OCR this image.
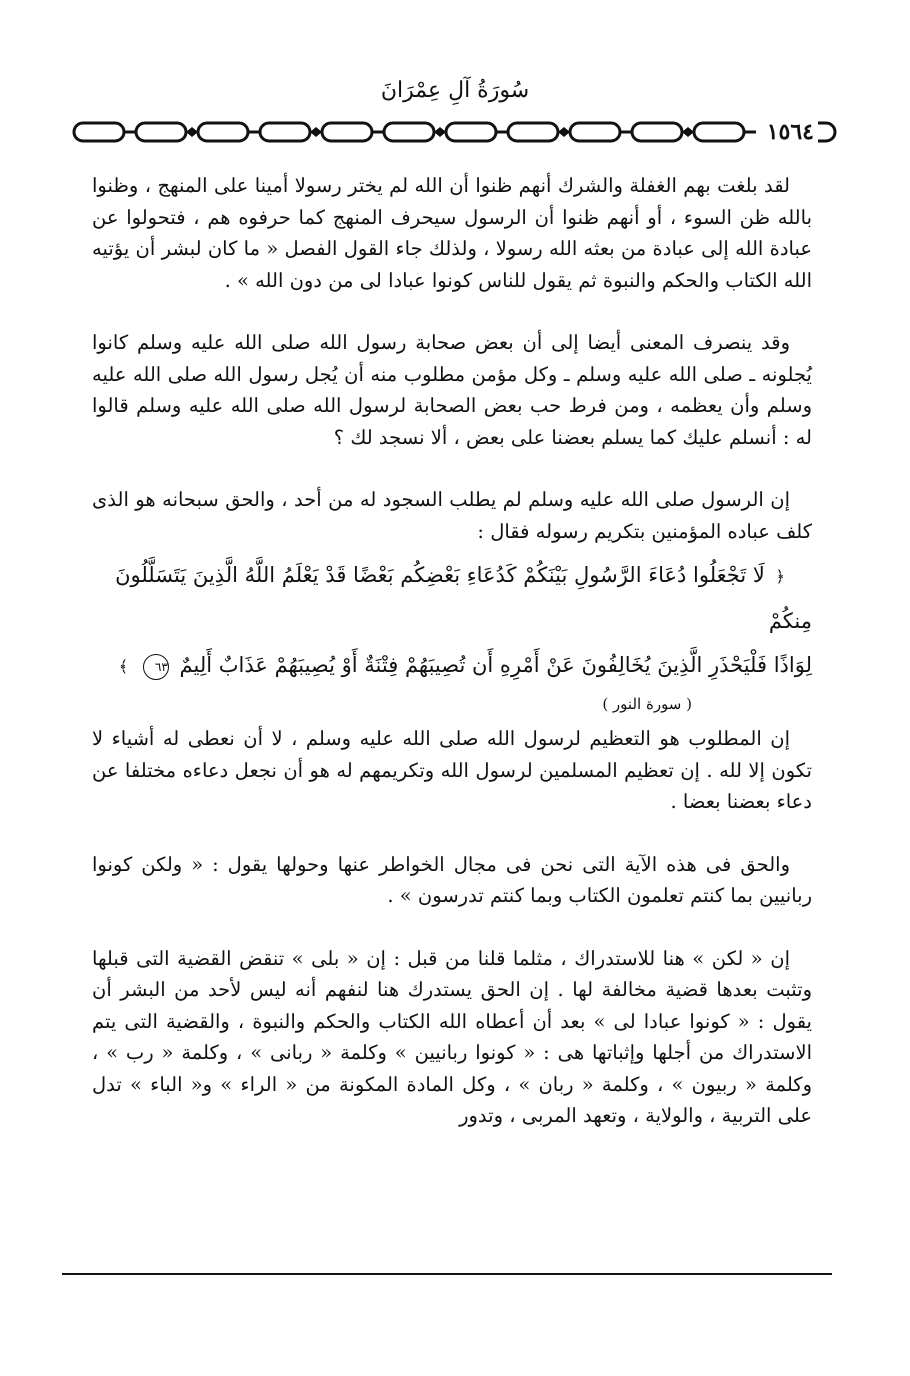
سُورَةُ آلِ عِمْرَانَ
١٥٦٤

لقد بلغت بهم الغفلة والشرك أنهم ظنوا أن الله لم يختر رسولا أمينا على المنهج ، وظنوا بالله ظن السوء ، أو أنهم ظنوا أن الرسول سيحرف المنهج كما حرفوه هم ، فتحولوا عن عبادة الله إلى عبادة من بعثه الله رسولا ، ولذلك جاء القول الفصل « ما كان لبشر أن يؤتيه الله الكتاب والحكم والنبوة ثم يقول للناس كونوا عبادا لى من دون الله » .

وقد ينصرف المعنى أيضا إلى أن بعض صحابة رسول الله صلى الله عليه وسلم كانوا يُجلونه ـ صلى الله عليه وسلم ـ وكل مؤمن مطلوب منه أن يُجل رسول الله صلى الله عليه وسلم وأن يعظمه ، ومن فرط حب بعض الصحابة لرسول الله صلى الله عليه وسلم قالوا له : أنسلم عليك كما يسلم بعضنا على بعض ، ألا نسجد لك ؟

إن الرسول صلى الله عليه وسلم لم يطلب السجود له من أحد ، والحق سبحانه هو الذى كلف عباده المؤمنين بتكريم رسوله فقال :

﴿ لَا تَجْعَلُوا دُعَاءَ الرَّسُولِ بَيْنَكُمْ كَدُعَاءِ بَعْضِكُم بَعْضًا قَدْ يَعْلَمُ اللَّهُ الَّذِينَ يَتَسَلَّلُونَ مِنكُمْ
لِوَاذًا فَلْيَحْذَرِ الَّذِينَ يُخَالِفُونَ عَنْ أَمْرِهِ أَن تُصِيبَهُمْ فِتْنَةٌ أَوْ يُصِيبَهُمْ عَذَابٌ أَلِيمٌ ٦٣ ﴾
( سورة النور )

إن المطلوب هو التعظيم لرسول الله صلى الله عليه وسلم ، لا أن نعطى له أشياء لا تكون إلا لله . إن تعظيم المسلمين لرسول الله وتكريمهم له هو أن نجعل دعاءه مختلفا عن دعاء بعضنا بعضا .

والحق فى هذه الآية التى نحن فى مجال الخواطر عنها وحولها يقول : « ولكن كونوا ربانيين بما كنتم تعلمون الكتاب وبما كنتم تدرسون » .

إن « لكن » هنا للاستدراك ، مثلما قلنا من قبل : إن « بلى » تنقض القضية التى قبلها وتثبت بعدها قضية مخالفة لها . إن الحق يستدرك هنا لنفهم أنه ليس لأحد من البشر أن يقول : « كونوا عبادا لى » بعد أن أعطاه الله الكتاب والحكم والنبوة ، والقضية التى يتم الاستدراك من أجلها وإثباتها هى : « كونوا ربانيين » وكلمة « ربانى » ، وكلمة « رب » ، وكلمة « ربيون » ، وكلمة « ربان » ، وكل المادة المكونة من « الراء » و« الباء » تدل على التربية ، والولاية ، وتعهد المربى ، وتدور
